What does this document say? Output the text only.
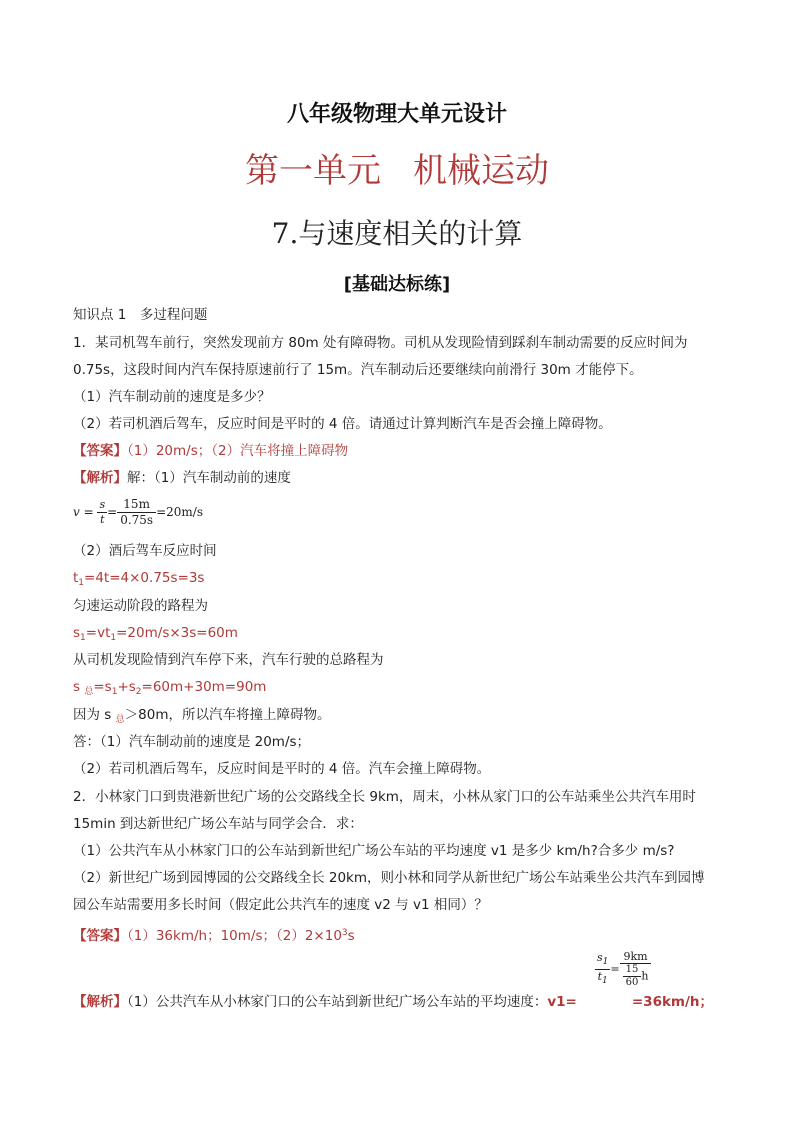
八年级物理大单元设计
第一单元 机械运动
7.与速度相关的计算
[基础达标练]
知识点 1　多过程问题
1．某司机驾车前行，突然发现前方 80m 处有障碍物。司机从发现险情到踩刹车制动需要的反应时间为
0.75s，这段时间内汽车保持原速前行了 15m。汽车制动后还要继续向前滑行 30m 才能停下。
（1）汽车制动前的速度是多少？
（2）若司机酒后驾车，反应时间是平时的 4 倍。请通过计算判断汽车是否会撞上障碍物。
【答案】（1）20m/s；（2）汽车将撞上障碍物
【解析】解：（1）汽车制动前的速度
$v = \frac{s}{t} = \frac{15m}{0.75s} =20m/s$
（2）酒后驾车反应时间
$t_1=4t=4\times 0.75s=3s$
匀速运动阶段的路程为
$s_1=vt_1=20m/s\times 3s=60m$
从司机发现险情到汽车停下来，汽车行驶的总路程为
s $_总=s_1+s_2=60m+30m=90m$
因为 s $_总$＞80m，所以汽车将撞上障碍物。
答：（1）汽车制动前的速度是 20m/s；
（2）若司机酒后驾车，反应时间是平时的 4 倍。汽车会撞上障碍物。
2．小林家门口到贵港新世纪广场的公交路线全长 9km，周末，小林从家门口的公车站乘坐公共汽车用时
15min 到达新世纪广场公车站与同学会合．求：
（1）公共汽车从小林家门口的公车站到新世纪广场公车站的平均速度 v1 是多少 km/h?合多少 m/s?
（2）新世纪广场到园博园的公交路线全长 20km，则小林和同学从新世纪广场公车站乘坐公共汽车到园博
园公车站需要用多长时间（假定此公共汽车的速度 v2 与 v1 相同）？
【答案】（1）36km/h；10m/s；$(2)2\times 10^3s$
$\frac{s_1}{t_1} = \frac{9km}{\frac{15}{60} h}$
【解析】（1）公共汽车从小林家门口的公车站到新世纪广场公车站的平均速度：v1=	=36km/h；
